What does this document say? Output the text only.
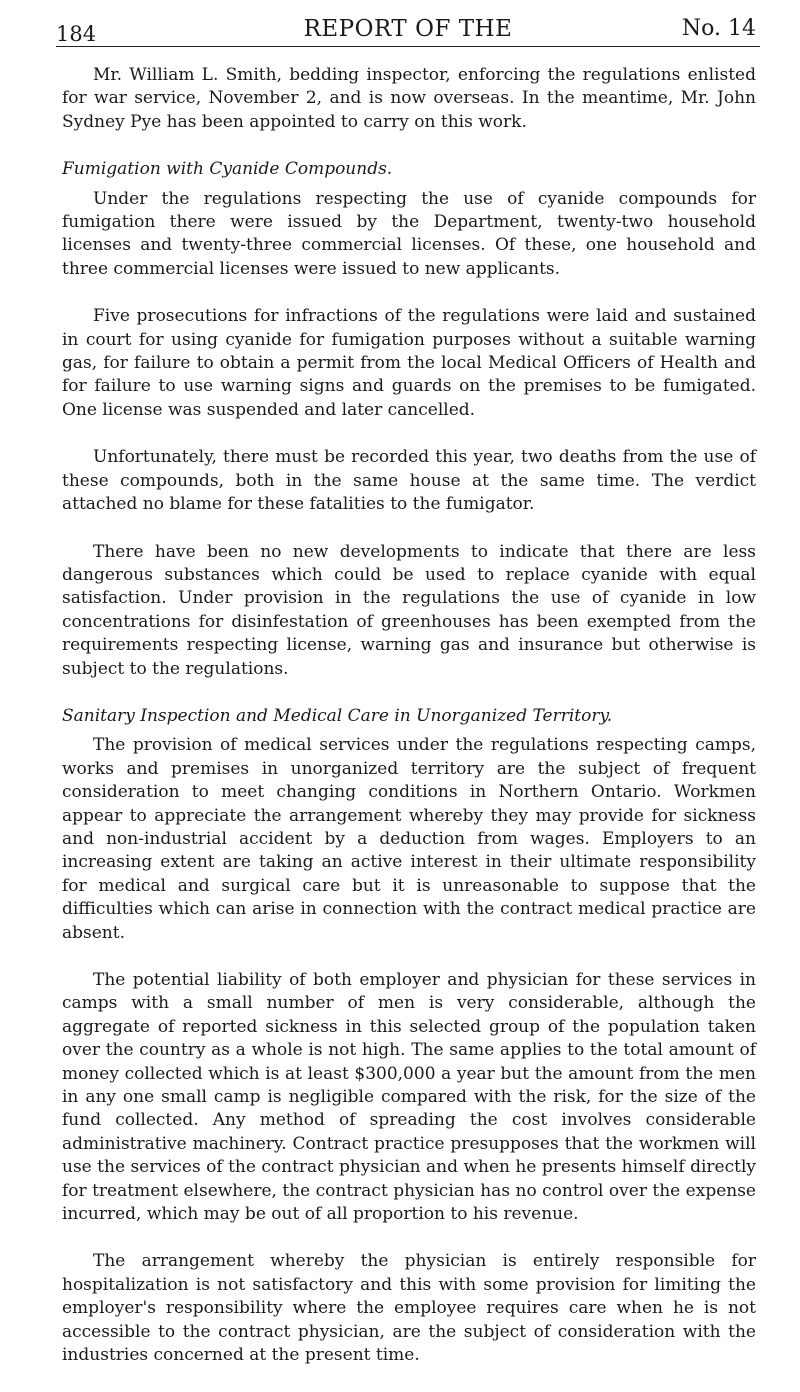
184	REPORT OF THE	No. 14

Mr. William L. Smith, bedding inspector, enforcing the regulations enlisted for war service, November 2, and is now overseas. In the meantime, Mr. John Sydney Pye has been appointed to carry on this work.

Fumigation with Cyanide Compounds.

Under the regulations respecting the use of cyanide compounds for fumigation there were issued by the Department, twenty-two household licenses and twenty-three commercial licenses. Of these, one household and three commercial licenses were issued to new applicants.

Five prosecutions for infractions of the regulations were laid and sustained in court for using cyanide for fumigation purposes without a suitable warning gas, for failure to obtain a permit from the local Medical Officers of Health and for failure to use warning signs and guards on the premises to be fumigated. One license was suspended and later cancelled.

Unfortunately, there must be recorded this year, two deaths from the use of these compounds, both in the same house at the same time. The verdict attached no blame for these fatalities to the fumigator.

There have been no new developments to indicate that there are less dangerous substances which could be used to replace cyanide with equal satisfaction. Under provision in the regulations the use of cyanide in low concentrations for disinfestation of greenhouses has been exempted from the requirements respecting license, warning gas and insurance but otherwise is subject to the regulations.

Sanitary Inspection and Medical Care in Unorganized Territory.

The provision of medical services under the regulations respecting camps, works and premises in unorganized territory are the subject of frequent consideration to meet changing conditions in Northern Ontario. Workmen appear to appreciate the arrangement whereby they may provide for sickness and non-industrial accident by a deduction from wages. Employers to an increasing extent are taking an active interest in their ultimate responsibility for medical and surgical care but it is unreasonable to suppose that the difficulties which can arise in connection with the contract medical practice are absent.

The potential liability of both employer and physician for these services in camps with a small number of men is very considerable, although the aggregate of reported sickness in this selected group of the population taken over the country as a whole is not high. The same applies to the total amount of money collected which is at least $300,000 a year but the amount from the men in any one small camp is negligible compared with the risk, for the size of the fund collected. Any method of spreading the cost involves considerable administrative machinery. Contract practice presupposes that the workmen will use the services of the contract physician and when he presents himself directly for treatment elsewhere, the contract physician has no control over the expense incurred, which may be out of all proportion to his revenue.

The arrangement whereby the physician is entirely responsible for hospitalization is not satisfactory and this with some provision for limiting the employer's responsibility where the employee requires care when he is not accessible to the contract physician, are the subject of consideration with the industries concerned at the present time.
